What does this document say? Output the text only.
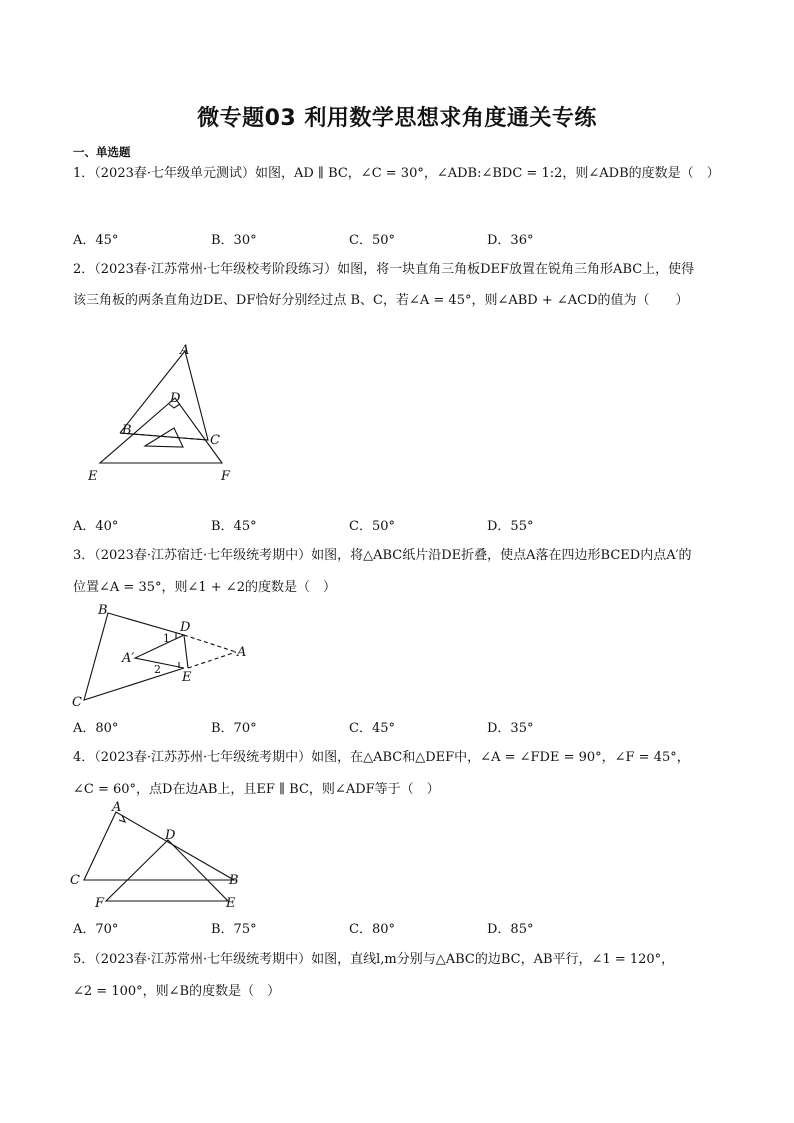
微专题03 利用数学思想求角度通关专练
一、单选题
1．（2023春·七年级单元测试）如图，AD ∥ BC，∠C = 30°，∠ADB:∠BDC = 1:2，则∠ADB的度数是（　）
A．45°	B．30°	C．50°	D．36°
2．（2023春·江苏常州·七年级校考阶段练习）如图，将一块直角三角板DEF放置在锐角三角形ABC上，使得
该三角板的两条直角边DE、DF恰好分别经过点 B、C，若∠A = 45°，则∠ABD + ∠ACD的值为（　　）
A
D
B
C
E	F
A．40°	B．45°	C．50°	D．55°
3．（2023春·江苏宿迁·七年级统考期中）如图，将△ABC纸片沿DE折叠，使点A落在四边形BCED内点A′的
位置∠A = 35°，则∠1 + ∠2的度数是（　）
B
D
1
A′	A
2
E
C
A．80°	B．70°	C．45°	D．35°
4．（2023春·江苏苏州·七年级统考期中）如图，在△ABC和△DEF中，∠A = ∠FDE = 90°，∠F = 45°，
∠C = 60°，点D在边AB上，且EF ∥ BC，则∠ADF等于（　）
A
D
C	B
F	E
A．70°	B．75°	C．80°	D．85°
5．（2023春·江苏常州·七年级统考期中）如图，直线l,m分别与△ABC的边BC，AB平行，∠1 = 120°，
∠2 = 100°，则∠B的度数是（　）
